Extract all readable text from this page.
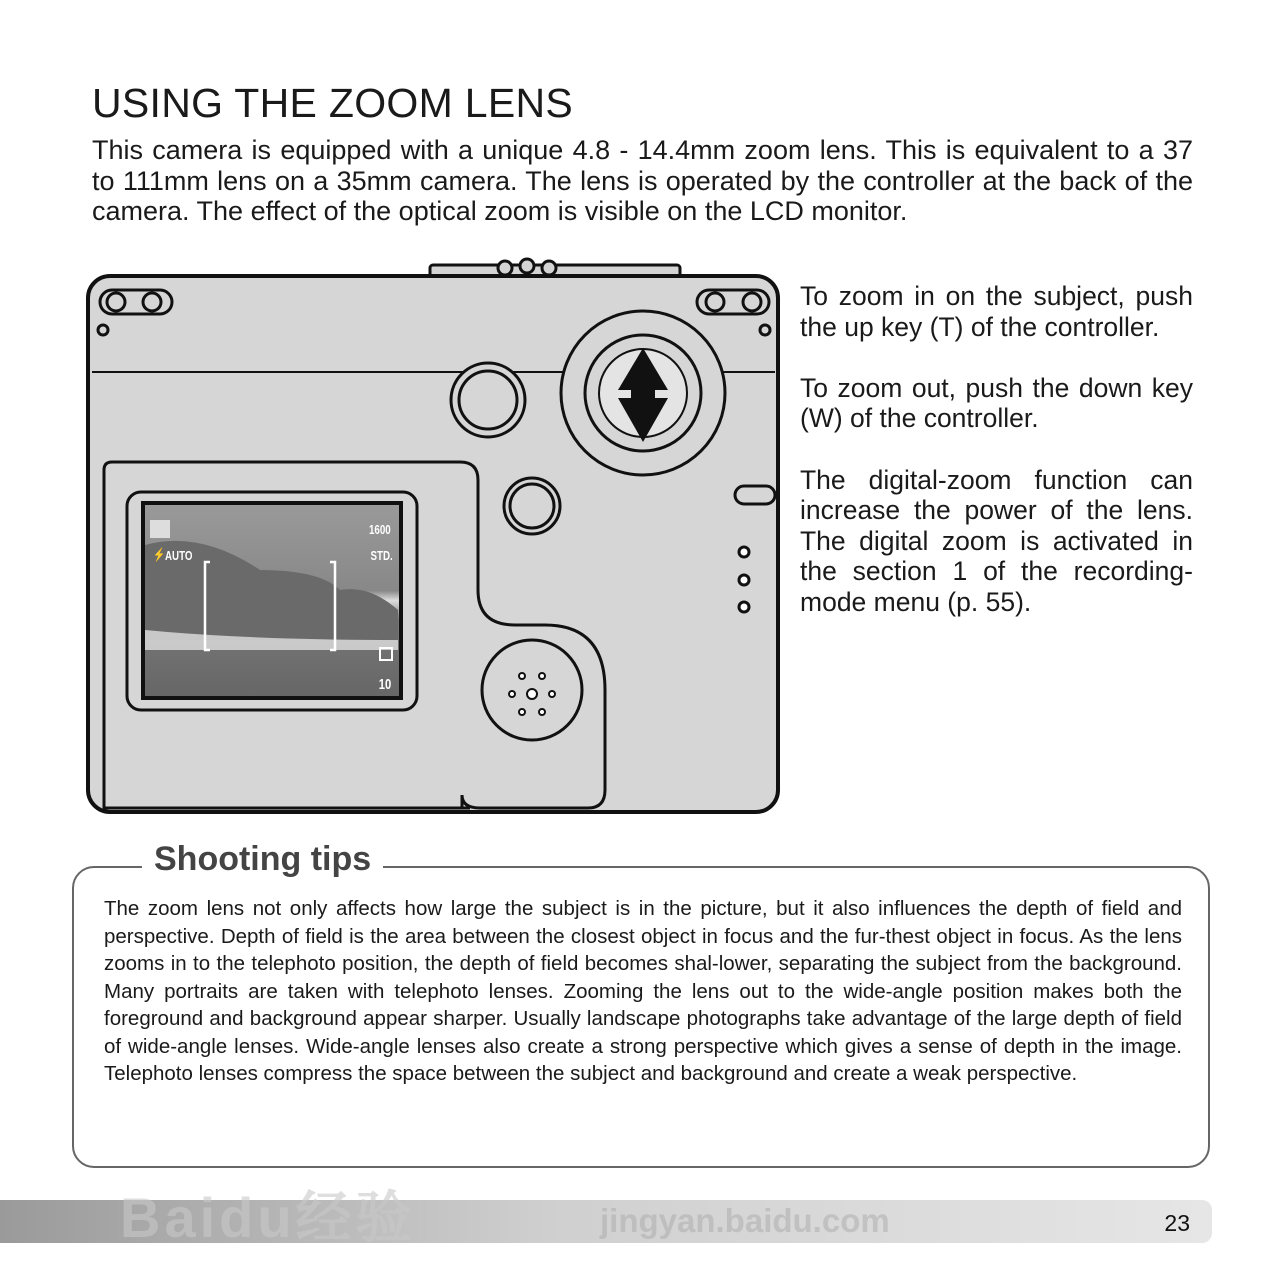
USING THE ZOOM LENS

This camera is equipped with a unique 4.8 - 14.4mm zoom lens. This is equivalent to a 37 to 111mm lens on a 35mm camera. The lens is operated by the controller at the back of the camera. The effect of the optical zoom is visible on the LCD monitor.

1600
STD.
⚡ AUTO
10

To zoom in on the subject, push the up key (T) of the controller.

To zoom out, push the down key (W) of the controller.

The digital-zoom function can increase the power of the lens. The digital zoom is activated in the section 1 of the recording-mode menu (p. 55).

Shooting tips

The zoom lens not only affects how large the subject is in the picture, but it also influences the depth of field and perspective. Depth of field is the area between the closest object in focus and the fur-thest object in focus. As the lens zooms in to the telephoto position, the depth of field becomes shal-lower, separating the subject from the background. Many portraits are taken with telephoto lenses. Zooming the lens out to the wide-angle position makes both the foreground and background appear sharper. Usually landscape photographs take advantage of the large depth of field of wide-angle lenses. Wide-angle lenses also create a strong perspective which gives a sense of depth in the image. Telephoto lenses compress the space between the subject and background and create a weak perspective.

23
Baidu经验	jingyan.baidu.com
